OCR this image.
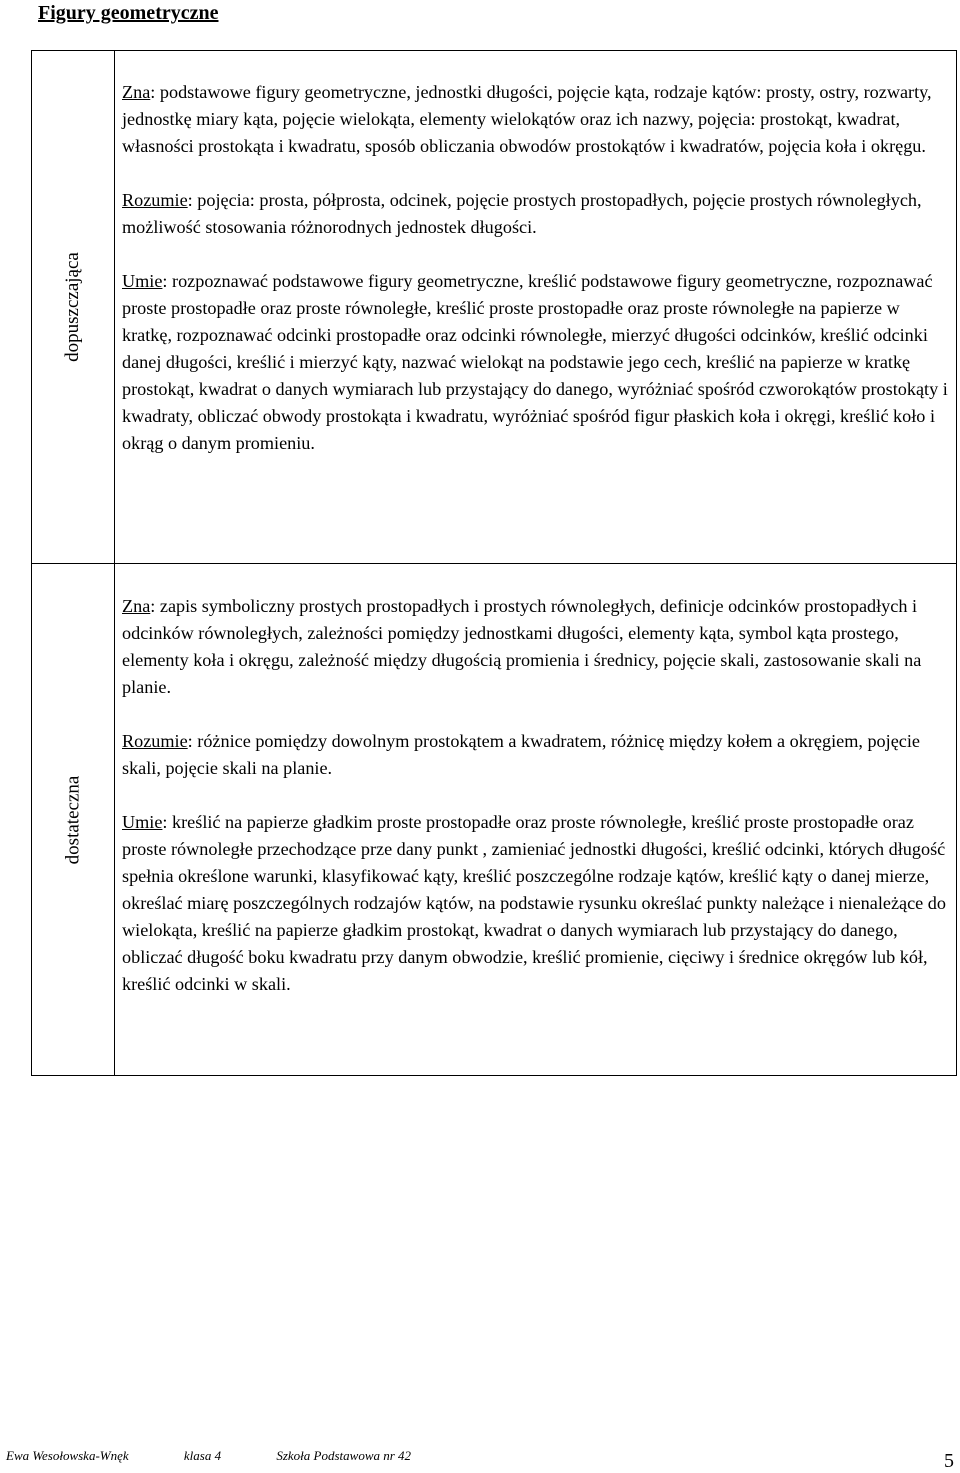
Figury geometryczne
dopuszczająca

Zna: podstawowe figury geometryczne, jednostki długości, pojęcie kąta, rodzaje kątów: prosty, ostry, rozwarty, jednostkę miary kąta, pojęcie wielokąta, elementy wielokątów oraz ich nazwy, pojęcia: prostokąt, kwadrat, własności prostokąta i kwadratu, sposób obliczania obwodów prostokątów i kwadratów, pojęcia koła i okręgu.

Rozumie: pojęcia: prosta, półprosta, odcinek, pojęcie prostych prostopadłych, pojęcie prostych równoległych, możliwość stosowania różnorodnych jednostek długości.

Umie: rozpoznawać podstawowe figury geometryczne, kreślić podstawowe figury geometryczne, rozpoznawać proste prostopadłe oraz proste równoległe, kreślić proste prostopadłe oraz proste równoległe na papierze w kratkę, rozpoznawać odcinki prostopadłe oraz odcinki równoległe, mierzyć długości odcinków, kreślić odcinki danej długości, kreślić i mierzyć kąty, nazwać wielokąt na podstawie jego cech, kreślić na papierze w kratkę prostokąt, kwadrat o danych wymiarach lub przystający do danego, wyróżniać spośród czworokątów prostokąty i kwadraty, obliczać obwody prostokąta i kwadratu, wyróżniać spośród figur płaskich koła i okręgi, kreślić koło i okrąg o danym promieniu.

dostateczna

Zna: zapis symboliczny prostych prostopadłych i prostych równoległych, definicje odcinków prostopadłych i odcinków równoległych, zależności pomiędzy jednostkami długości, elementy kąta, symbol kąta prostego, elementy koła i okręgu, zależność między długością promienia i średnicy, pojęcie skali, zastosowanie skali na planie.

Rozumie: różnice pomiędzy dowolnym prostokątem a kwadratem, różnicę między kołem a okręgiem, pojęcie skali, pojęcie skali na planie.

Umie: kreślić na papierze gładkim proste prostopadłe oraz proste równoległe, kreślić proste prostopadłe oraz proste równoległe przechodzące prze dany punkt , zamieniać jednostki długości, kreślić odcinki, których długość spełnia określone warunki, klasyfikować kąty, kreślić poszczególne rodzaje kątów, kreślić kąty o danej mierze, określać miarę poszczególnych rodzajów kątów, na podstawie rysunku określać punkty należące i nienależące do wielokąta, kreślić na papierze gładkim prostokąt, kwadrat o danych wymiarach lub przystający do danego, obliczać długość boku kwadratu przy danym obwodzie, kreślić promienie, cięciwy i średnice okręgów lub kół, kreślić odcinki w skali.

Ewa Wesołowska-Wnęk	klasa 4	Szkoła Podstawowa nr 42	5
